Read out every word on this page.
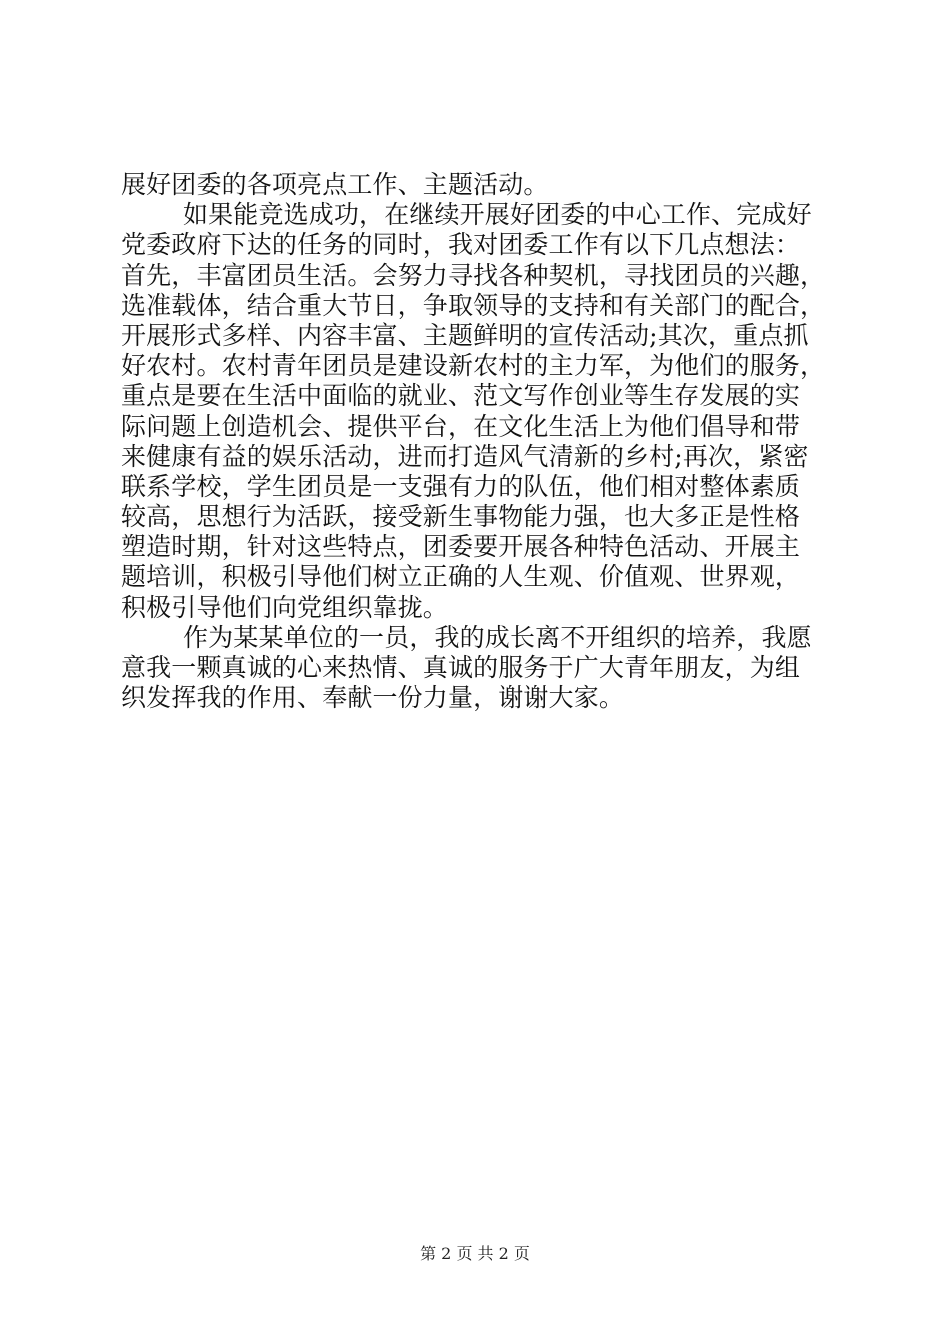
展好团委的各项亮点工作、主题活动。
如果能竞选成功，在继续开展好团委的中心工作、完成好
党委政府下达的任务的同时，我对团委工作有以下几点想法：
首先，丰富团员生活。会努力寻找各种契机，寻找团员的兴趣，
选准载体，结合重大节日，争取领导的支持和有关部门的配合，
开展形式多样、内容丰富、主题鲜明的宣传活动;其次，重点抓
好农村。农村青年团员是建设新农村的主力军，为他们的服务，
重点是要在生活中面临的就业、范文写作创业等生存发展的实
际问题上创造机会、提供平台，在文化生活上为他们倡导和带
来健康有益的娱乐活动，进而打造风气清新的乡村;再次，紧密
联系学校，学生团员是一支强有力的队伍，他们相对整体素质
较高，思想行为活跃，接受新生事物能力强，也大多正是性格
塑造时期，针对这些特点，团委要开展各种特色活动、开展主
题培训，积极引导他们树立正确的人生观、价值观、世界观，
积极引导他们向党组织靠拢。
作为某某单位的一员，我的成长离不开组织的培养，我愿
意我一颗真诚的心来热情、真诚的服务于广大青年朋友，为组
织发挥我的作用、奉献一份力量，谢谢大家。
第 2 页 共 2 页
